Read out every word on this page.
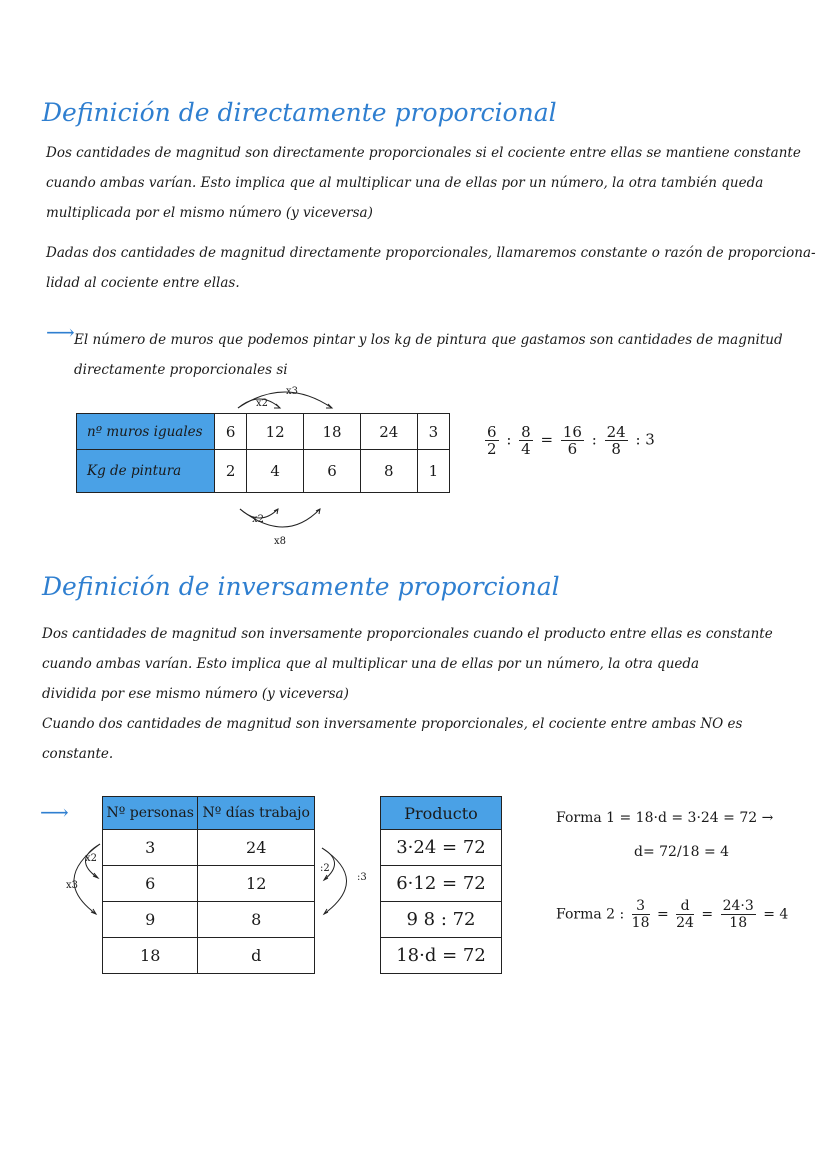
Definición de directamente proporcional
Dos cantidades de magnitud son directamente proporcionales si el cociente entre ellas se mantiene constante
cuando ambas varían. Esto implica que al multiplicar una de ellas por un número, la otra también queda
multiplicada por el mismo número (y viceversa)
Dadas dos cantidades de magnitud directamente proporcionales, llamaremos constante o razón de proporciona-
lidad al cociente entre ellas.
⟶ El número de muros que podemos pintar y los kg de pintura que gastamos son cantidades de magnitud
directamente proporcionales si
x2
x3
nº muros iguales	6	12	18	24	3
Kg de pintura	2	4	6	8	1
x2
x8
$\frac{6}{2}$ : $\frac{8}{4} = \frac{16}{6}$ : $\frac{24}{8}$ : 3
Definición de inversamente proporcional
Dos cantidades de magnitud son inversamente proporcionales cuando el producto entre ellas es constante
cuando ambas varían. Esto implica que al multiplicar una de ellas por un número, la otra queda
dividida por ese mismo número (y viceversa)
Cuando dos cantidades de magnitud son inversamente proporcionales, el cociente entre ambas NO es
constante.
⟶
x2
x3
Nº personas	Nº días trabajo
3	24
6	12
9	8
18	d
:2
:3
Producto
3·24 = 72
6·12 = 72
9 8 : 72
18·d = 72
Forma 1 = 18·d = 3·24 = 72 →
d= 72/18 = 4
Forma 2 : $\frac{3}{18} = \frac{d}{24} = \frac{24\cdot 3}{18} = 4$
